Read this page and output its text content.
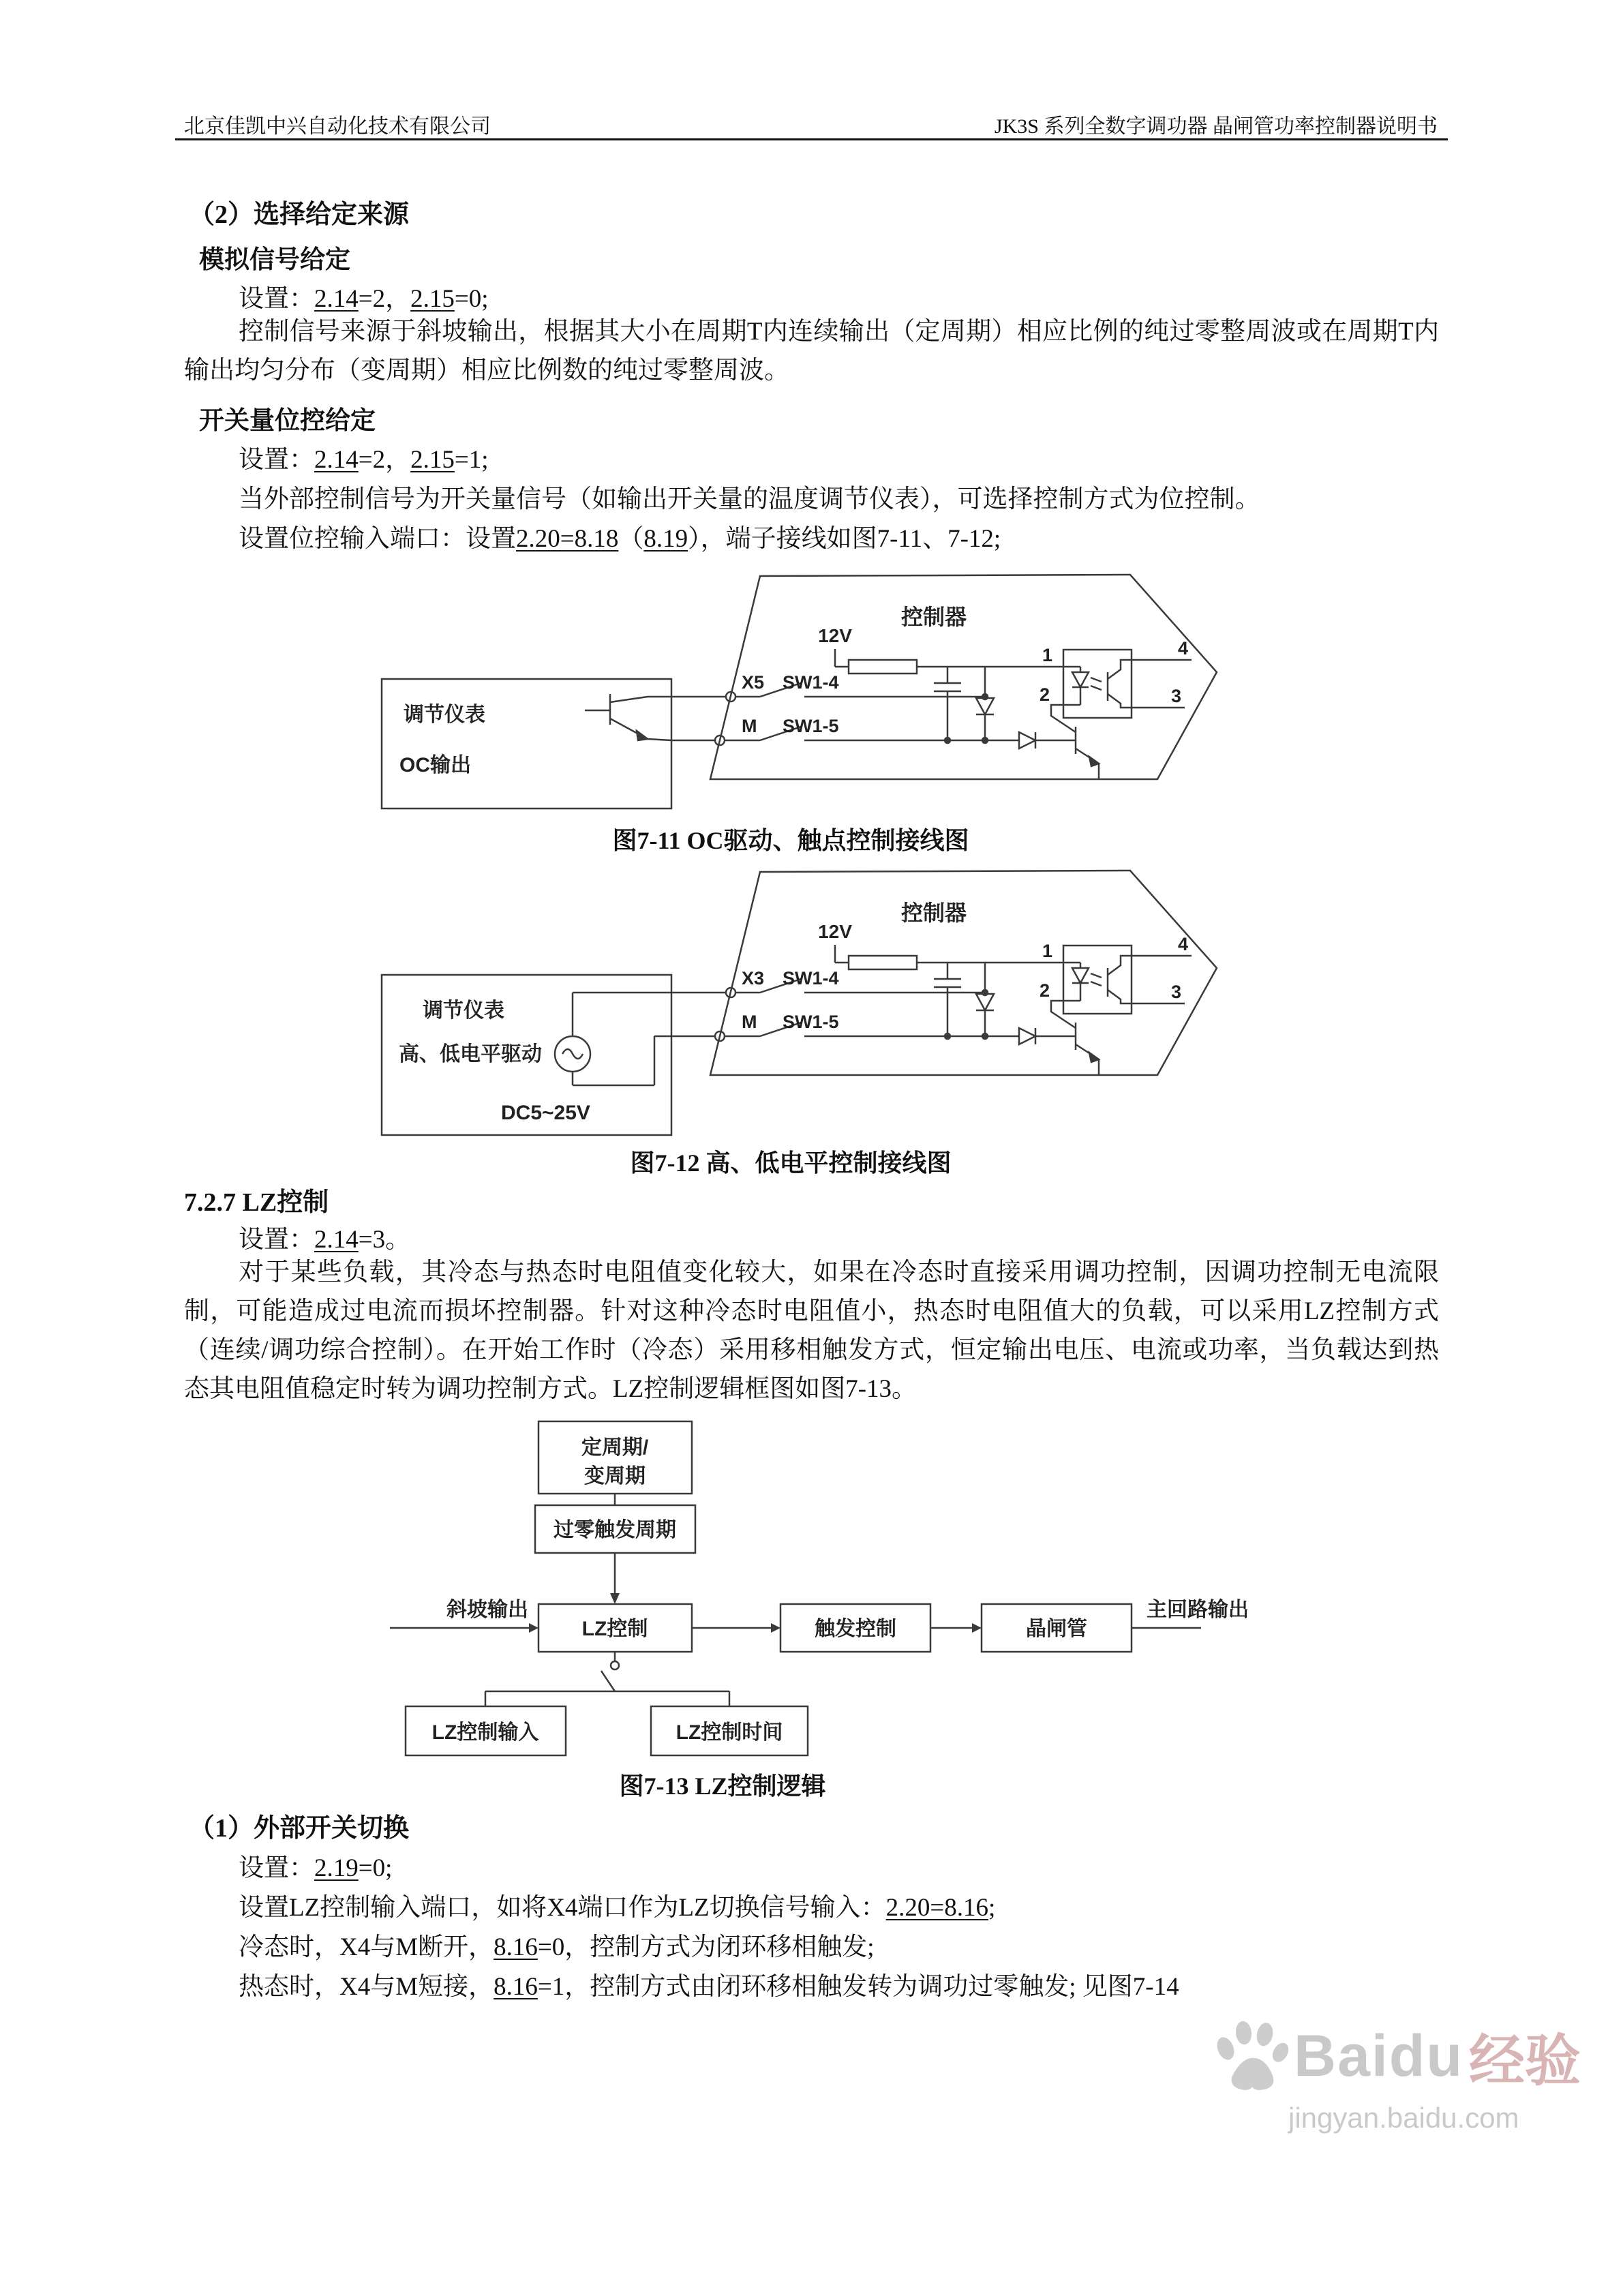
北京佳凯中兴自动化技术有限公司	JK3S 系列全数字调功器 晶闸管功率控制器说明书
（2）选择给定来源
模拟信号给定

设置：2.14=2，2.15=0;

控制信号来源于斜坡输出，根据其大小在周期T内连续输出（定周期）相应比例的纯过零整周波或在周期T内输出均匀分布（变周期）相应比例数的纯过零整周波。

开关量位控给定

设置：2.14=2，2.15=1;

当外部控制信号为开关量信号（如输出开关量的温度调节仪表），可选择控制方式为位控制。

设置位控输入端口：设置2.20=8.18（8.19），端子接线如图7-11、7-12;

控制器
12V
X5 SW1-4
M SW1-5
1
2
4
3
调节仪表
OC输出
图7-11 OC驱动、触点控制接线图
控制器
12V
X3 SW1-4
M SW1-5
1
2
4
3
调节仪表
高、低电平驱动
DC5~25V
图7-12 高、低电平控制接线图
7.2.7 LZ控制

设置：2.14=3。

对于某些负载，其冷态与热态时电阻值变化较大，如果在冷态时直接采用调功控制，因调功控制无电流限制，可能造成过电流而损坏控制器。针对这种冷态时电阻值小，热态时电阻值大的负载，可以采用LZ控制方式（连续/调功综合控制）。在开始工作时（冷态）采用移相触发方式，恒定输出电压、电流或功率，当负载达到热态其电阻值稳定时转为调功控制方式。LZ控制逻辑框图如图7-13。

定周期/
变周期
过零触发周期
斜坡输出
LZ控制	触发控制	晶闸管
主回路输出
LZ控制输入	LZ控制时间
图7-13 LZ控制逻辑
（1）外部开关切换

设置：2.19=0;

设置LZ控制输入端口，如将X4端口作为LZ切换信号输入：2.20=8.16;

冷态时，X4与M断开，8.16=0，控制方式为闭环移相触发;

热态时，X4与M短接，8.16=1，控制方式由闭环移相触发转为调功过零触发; 见图7-14

Baidu 经验
jingyan.baidu.com
